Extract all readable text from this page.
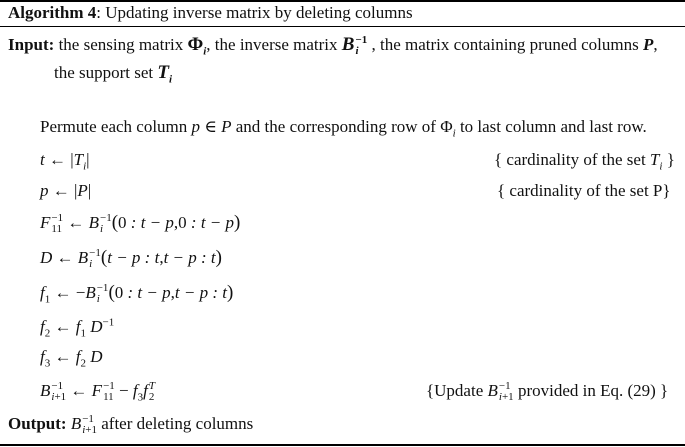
Algorithm 4: Updating inverse matrix by deleting columns
Input: the sensing matrix $\Phi_i$, the inverse matrix B −1
i , the matrix containing pruned columns P,
the support set $T_i$
Permute each column p ∈ P and the corresponding row of $\Phi_i$ to last column and last row.
t ← $|T_i|$	{ cardinality of the set $T_i$ }
p ← |P|	{ cardinality of the set P}
F −1
11 ← B −1
i (0 : t − p,0 : t − p)
D ← B −1
i (t − p : t,t − p : t)
$f_1$ ← −B −1
i (0 : t − p,t − p : t)
$f_2$ ← $f_1$ $D^{-1}$
$f_3$ ← $f_2$ D
B −1
i+1 ← F −1
$11 - f_3f$ T
2	{Update B −1
i+1 provided in Eq. (29) }
Output: B −1
i+1 after deleting columns
